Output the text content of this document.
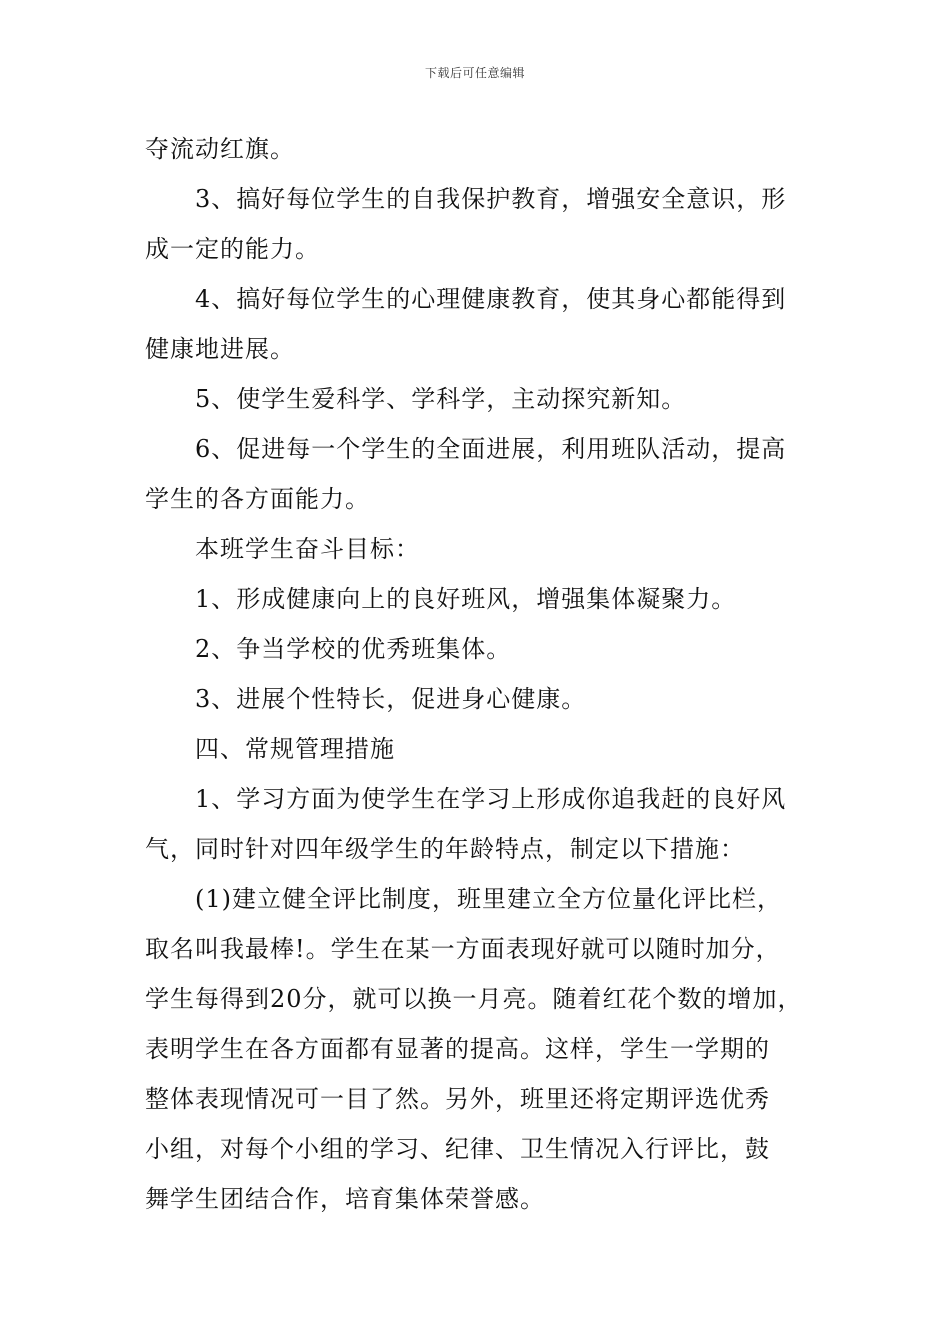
下载后可任意编辑
夺流动红旗。
3、搞好每位学生的自我保护教育，增强安全意识，形
成一定的能力。
4、搞好每位学生的心理健康教育，使其身心都能得到
健康地进展。
5、使学生爱科学、学科学，主动探究新知。
6、促进每一个学生的全面进展，利用班队活动，提高
学生的各方面能力。
本班学生奋斗目标：
1、形成健康向上的良好班风，增强集体凝聚力。
2、争当学校的优秀班集体。
3、进展个性特长，促进身心健康。
四、常规管理措施
1、学习方面为使学生在学习上形成你追我赶的良好风
气，同时针对四年级学生的年龄特点，制定以下措施：
(1)建立健全评比制度，班里建立全方位量化评比栏，
取名叫我最棒!。学生在某一方面表现好就可以随时加分，
学生每得到20分，就可以换一月亮。随着红花个数的增加，
表明学生在各方面都有显著的提高。这样，学生一学期的
整体表现情况可一目了然。另外，班里还将定期评选优秀
小组，对每个小组的学习、纪律、卫生情况入行评比，鼓
舞学生团结合作，培育集体荣誉感。
